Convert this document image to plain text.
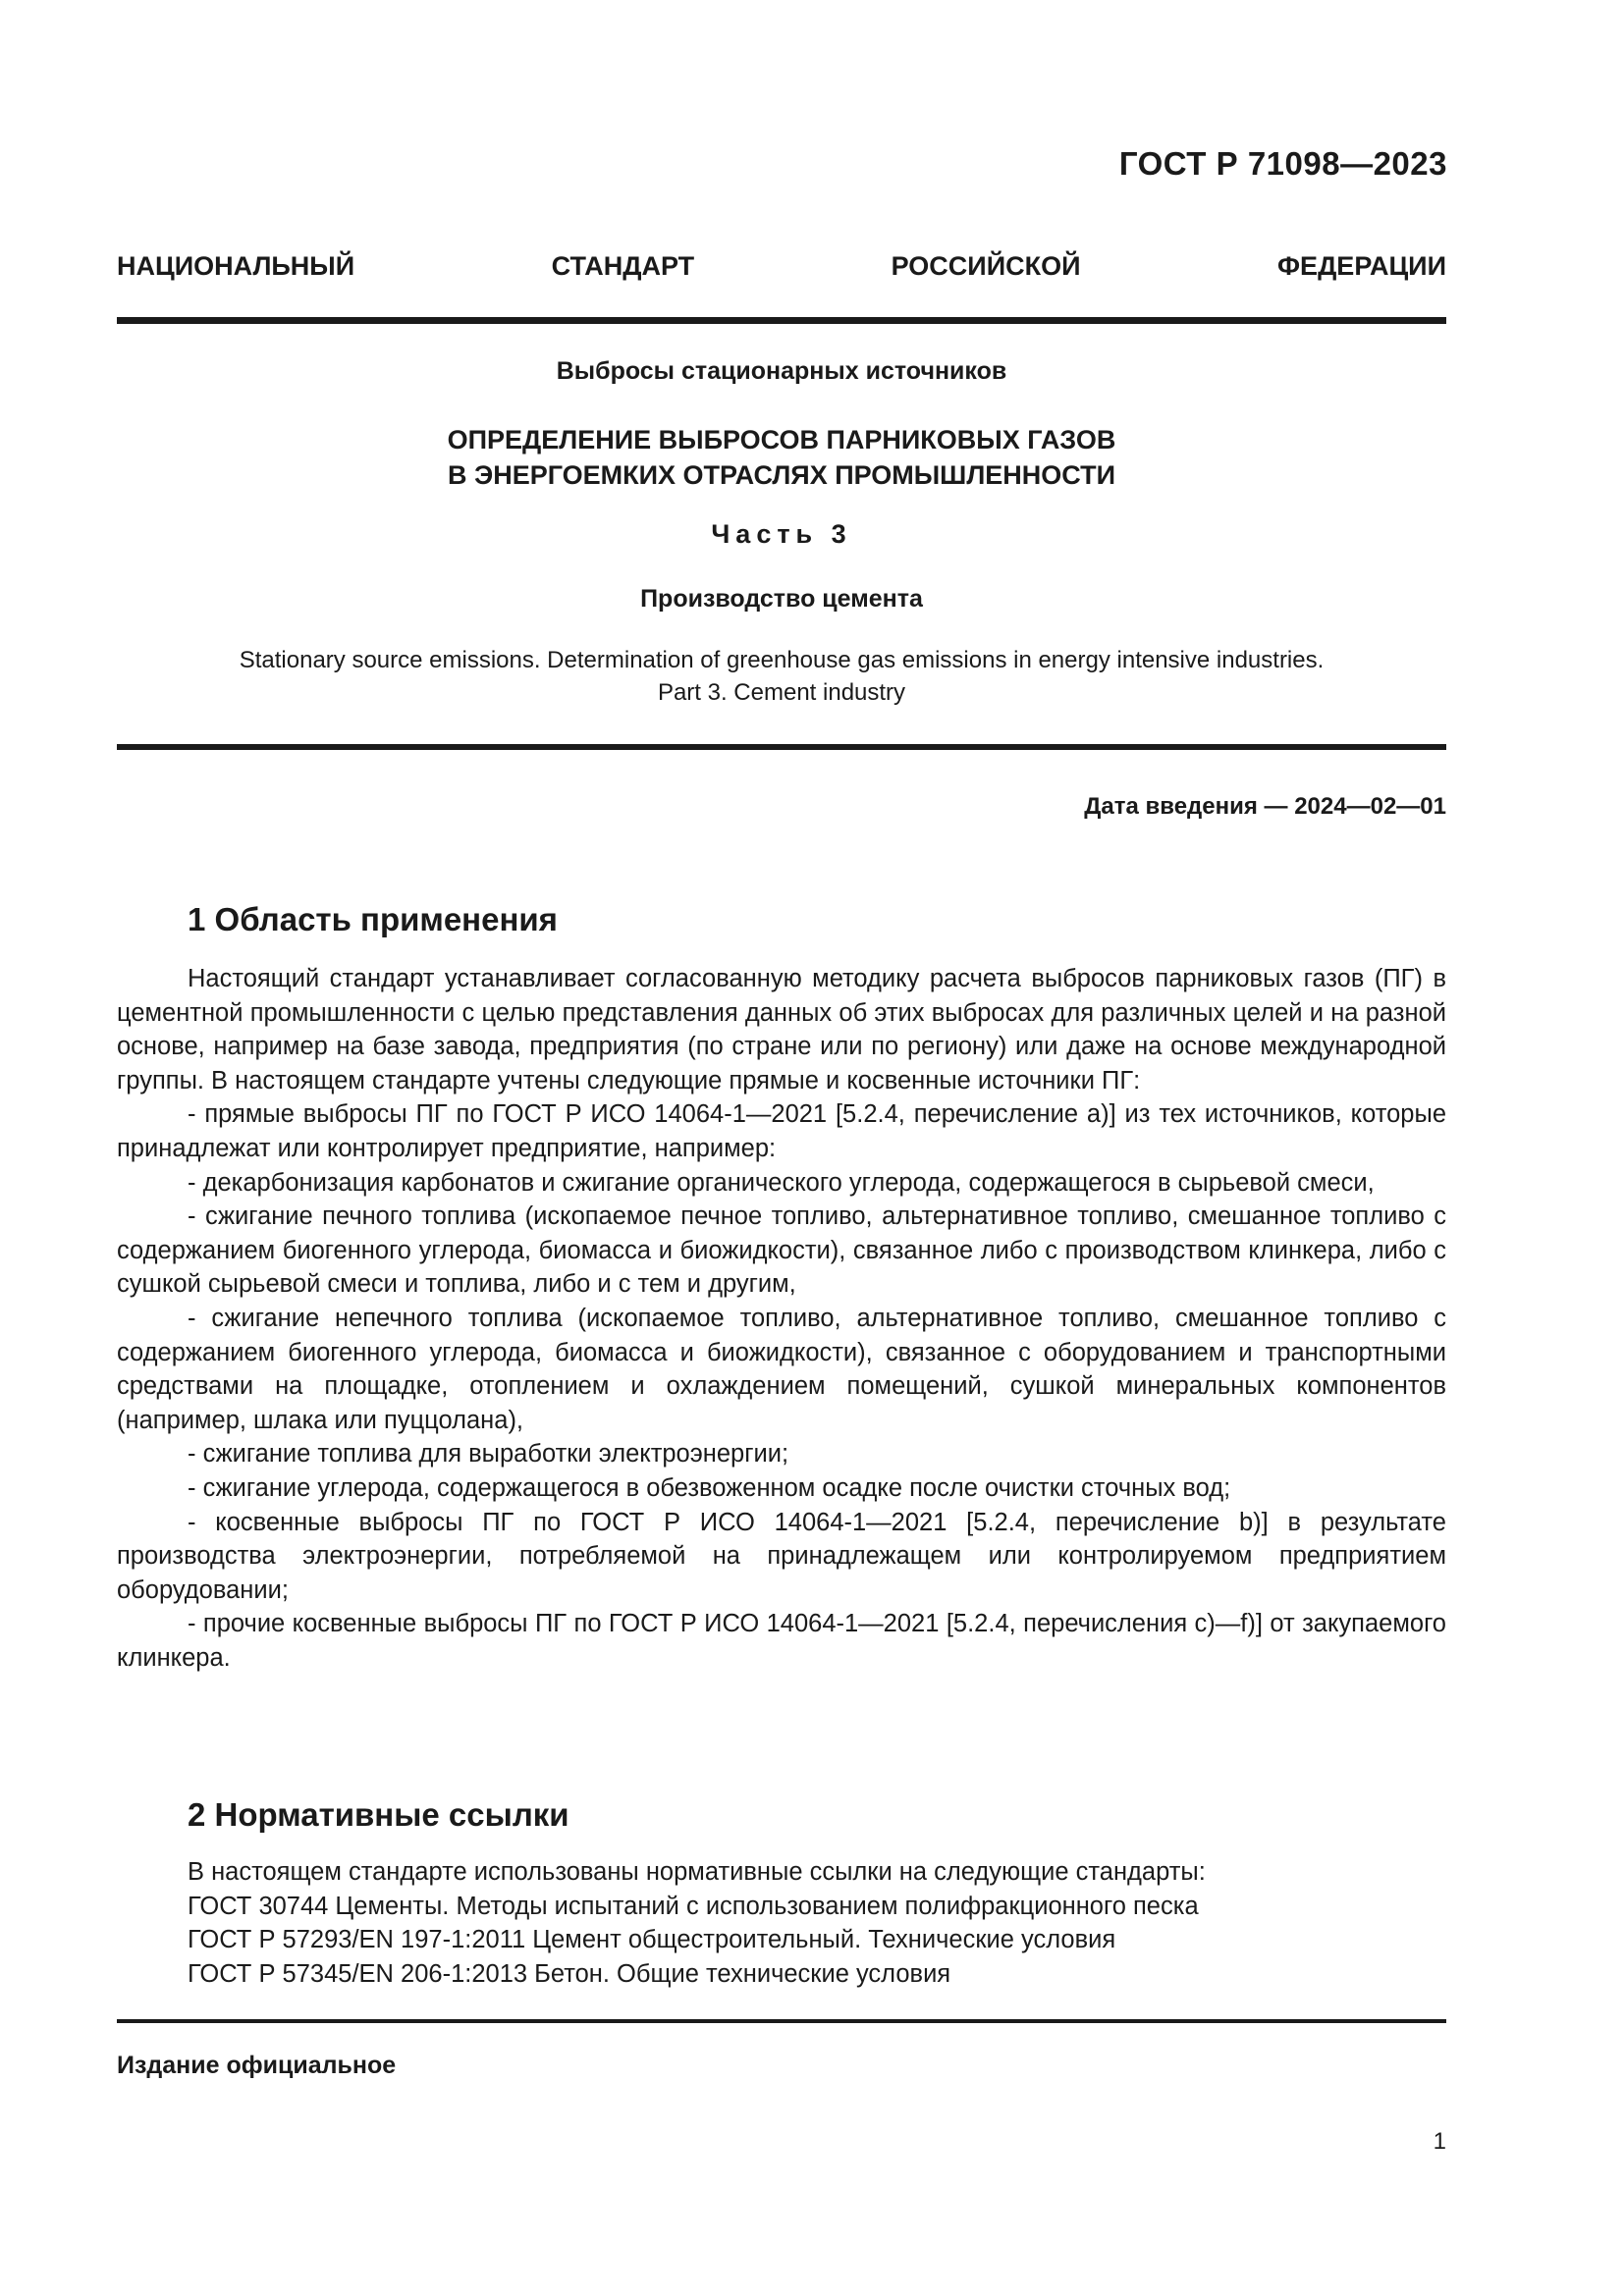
ГОСТ Р 71098—2023
НАЦИОНАЛЬНЫЙ	СТАНДАРТ	РОССИЙСКОЙ	ФЕДЕРАЦИИ
Выбросы стационарных источников
ОПРЕДЕЛЕНИЕ ВЫБРОСОВ ПАРНИКОВЫХ ГАЗОВ
В ЭНЕРГОЕМКИХ ОТРАСЛЯХ ПРОМЫШЛЕННОСТИ
Часть 3
Производство цемента
Stationary source emissions. Determination of greenhouse gas emissions in energy intensive industries.
Part 3. Cement industry
Дата введения — 2024—02—01
1 Область применения

Настоящий стандарт устанавливает согласованную методику расчета выбросов парниковых газов (ПГ) в цементной промышленности с целью представления данных об этих выбросах для различных целей и на разной основе, например на базе завода, предприятия (по стране или по региону) или даже на основе международной группы. В настоящем стандарте учтены следующие прямые и косвенные источники ПГ:

- прямые выбросы ПГ по ГОСТ Р ИСО 14064-1—2021 [5.2.4, перечисление а)] из тех источников, которые принадлежат или контролирует предприятие, например:

- декарбонизация карбонатов и сжигание органического углерода, содержащегося в сырьевой смеси,

- сжигание печного топлива (ископаемое печное топливо, альтернативное топливо, смешанное топливо с содержанием биогенного углерода, биомасса и биожидкости), связанное либо с производством клинкера, либо с сушкой сырьевой смеси и топлива, либо и с тем и другим,

- сжигание непечного топлива (ископаемое топливо, альтернативное топливо, смешанное топливо с содержанием биогенного углерода, биомасса и биожидкости), связанное с оборудованием и транспортными средствами на площадке, отоплением и охлаждением помещений, сушкой минеральных компонентов (например, шлака или пуццолана),

- сжигание топлива для выработки электроэнергии;

- сжигание углерода, содержащегося в обезвоженном осадке после очистки сточных вод;

- косвенные выбросы ПГ по ГОСТ Р ИСО 14064-1—2021 [5.2.4, перечисление b)] в результате производства электроэнергии, потребляемой на принадлежащем или контролируемом предприятием оборудовании;

- прочие косвенные выбросы ПГ по ГОСТ Р ИСО 14064-1—2021 [5.2.4, перечисления с)—f)] от закупаемого клинкера.

2 Нормативные ссылки

В настоящем стандарте использованы нормативные ссылки на следующие стандарты:

ГОСТ 30744 Цементы. Методы испытаний с использованием полифракционного песка

ГОСТ Р 57293/EN 197-1:2011 Цемент общестроительный. Технические условия

ГОСТ Р 57345/EN 206-1:2013 Бетон. Общие технические условия

Издание официальное
1
